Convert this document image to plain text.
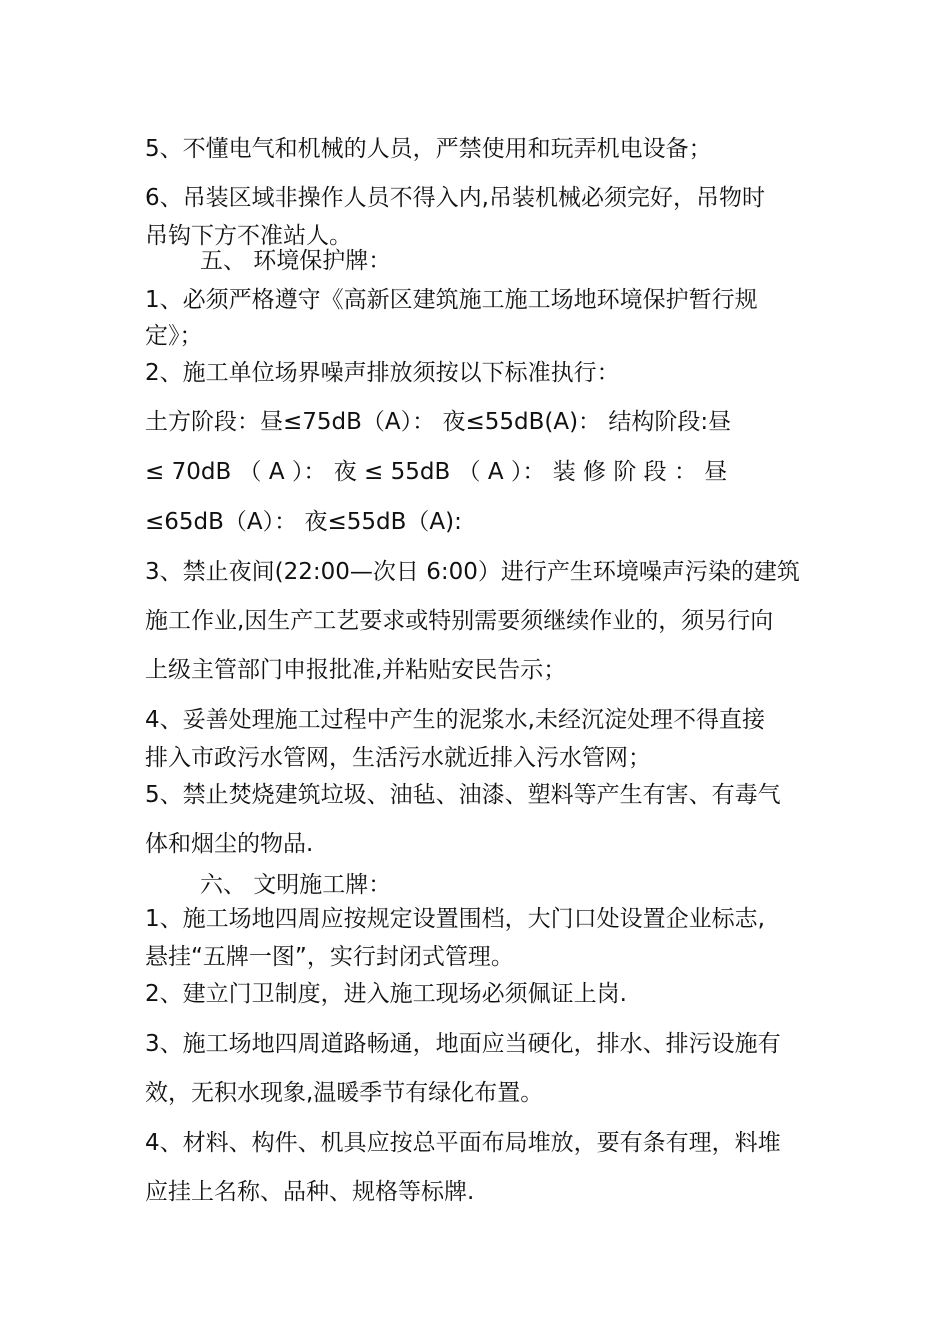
5、不懂电气和机械的人员，严禁使用和玩弄机电设备；
6、吊装区域非操作人员不得入内,吊装机械必须完好，吊物时
吊钩下方不准站人。
五、 环境保护牌：
1、必须严格遵守《高新区建筑施工施工场地环境保护暂行规
定》；
2、施工单位场界噪声排放须按以下标准执行：
土方阶段：昼≤75dB（A）： 夜≤55dB(A)： 结构阶段:昼
≤ 70dB （ A ）： 夜 ≤ 55dB （ A ）： 装 修 阶 段 ： 昼
≤65dB（A）： 夜≤55dB（A):
3、禁止夜间(22:00—次日 6:00）进行产生环境噪声污染的建筑
施工作业,因生产工艺要求或特别需要须继续作业的，须另行向
上级主管部门申报批准,并粘贴安民告示；
4、妥善处理施工过程中产生的泥浆水,未经沉淀处理不得直接
排入市政污水管网，生活污水就近排入污水管网；
5、禁止焚烧建筑垃圾、油毡、油漆、塑料等产生有害、有毒气
体和烟尘的物品.
六、 文明施工牌：
1、施工场地四周应按规定设置围档，大门口处设置企业标志,
悬挂“五牌一图”，实行封闭式管理。
2、建立门卫制度，进入施工现场必须佩证上岗.
3、施工场地四周道路畅通，地面应当硬化，排水、排污设施有
效，无积水现象,温暖季节有绿化布置。
4、材料、构件、机具应按总平面布局堆放，要有条有理，料堆
应挂上名称、品种、规格等标牌.
